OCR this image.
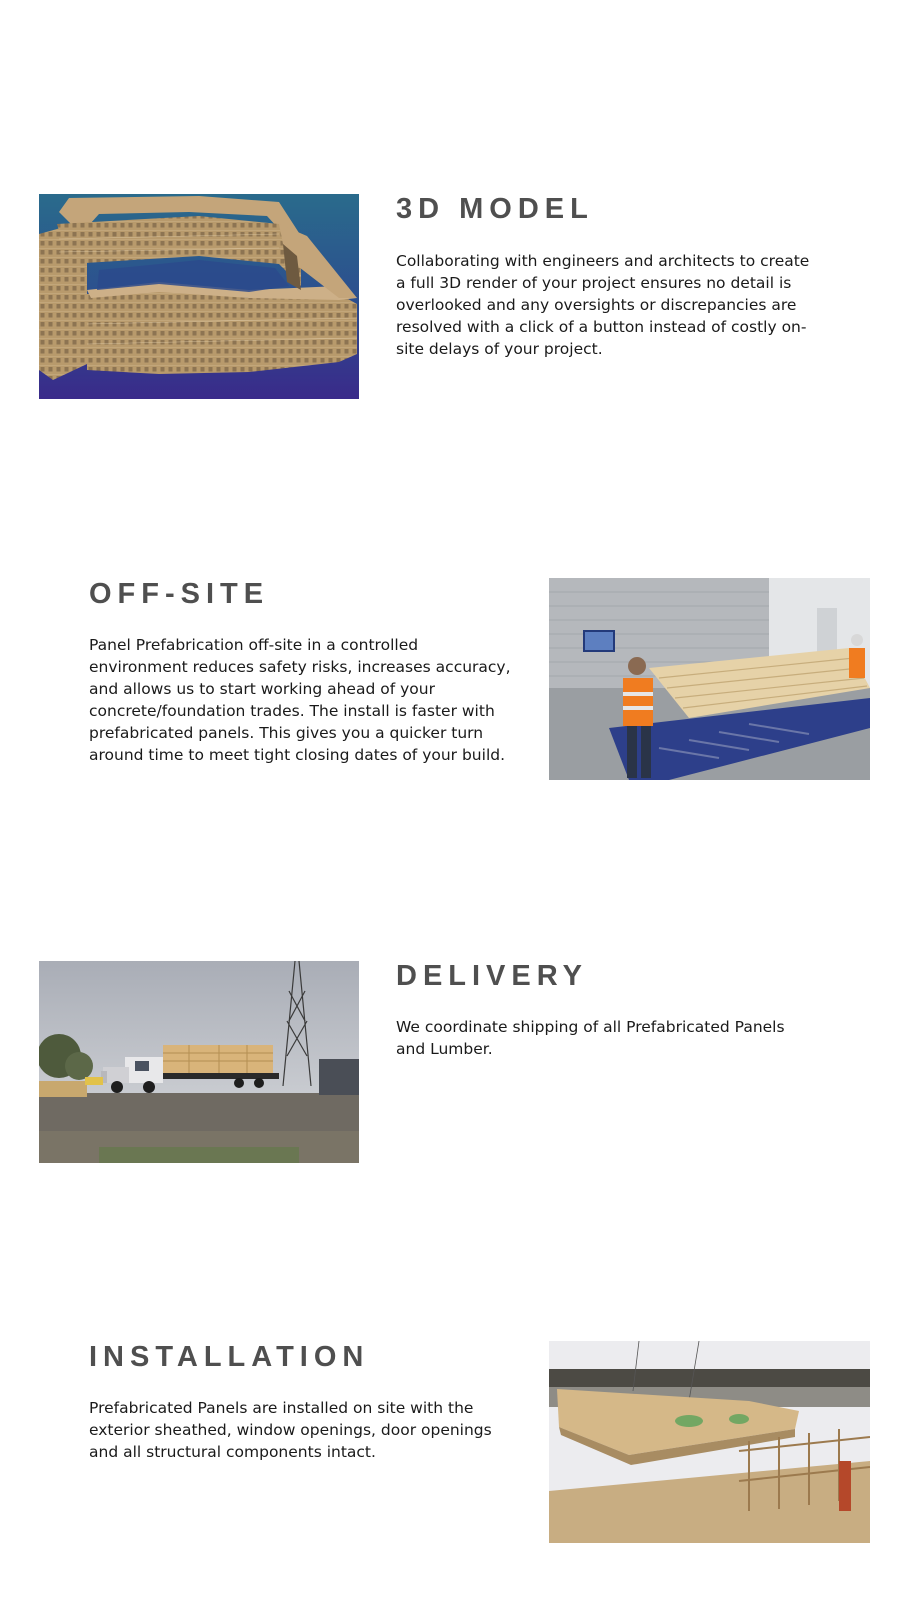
3D MODEL

Collaborating with engineers and architects to create a full 3D render of your project ensures no detail is overlooked and any oversights or discrepancies are resolved with a click of a button instead of costly on-site delays of your project.

OFF-SITE

Panel Prefabrication off-site in a controlled environment reduces safety risks, increases accuracy, and allows us to start working ahead of your concrete/foundation trades. The install is faster with prefabricated panels. This gives you a quicker turn around time to meet tight closing dates of your build.

DELIVERY

We coordinate shipping of all Prefabricated Panels and Lumber.

INSTALLATION

Prefabricated Panels are installed on site with the exterior sheathed, window openings, door openings and all structural components intact.
